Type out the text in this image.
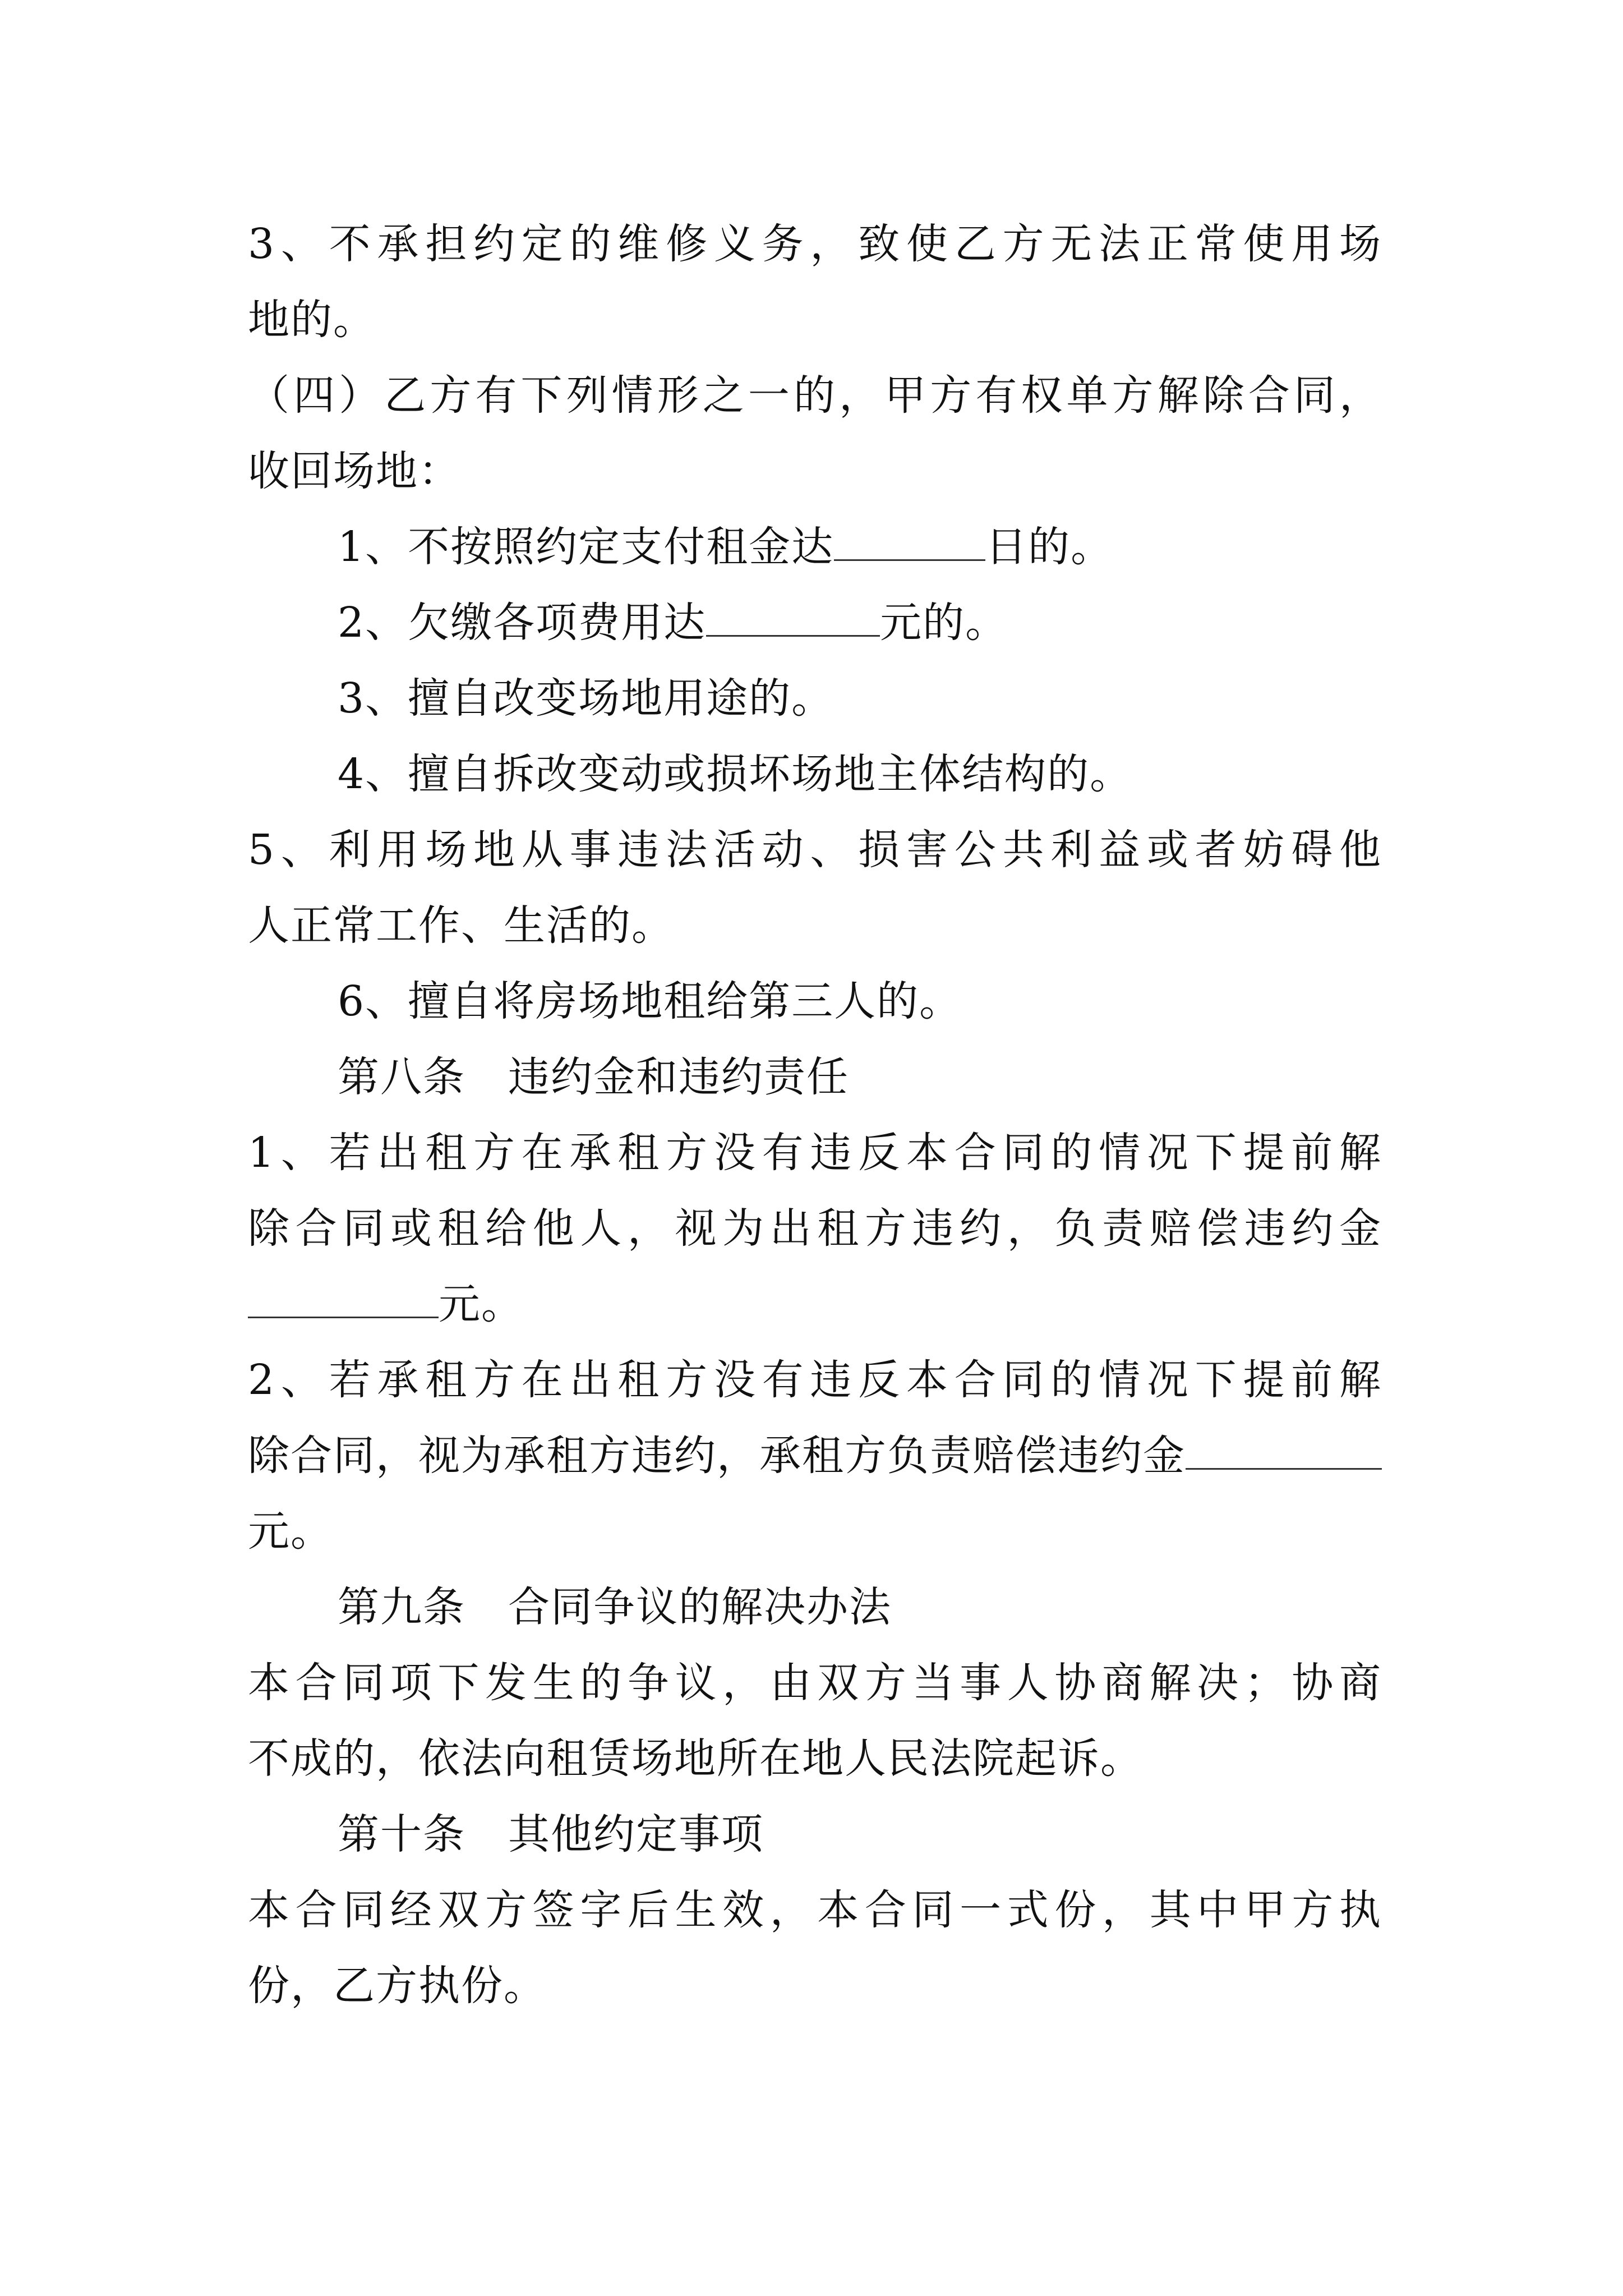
3、不承担约定的维修义务，致使乙方无法正常使用场

地的。

（四）乙方有下列情形之一的，甲方有权单方解除合同，

收回场地：

1、不按照约定支付租金达	日的。

2、欠缴各项费用达	元的。

3、擅自改变场地用途的。

4、擅自拆改变动或损坏场地主体结构的。

5、利用场地从事违法活动、损害公共利益或者妨碍他

人正常工作、生活的。

6、擅自将房场地租给第三人的。

第八条　违约金和违约责任

1、若出租方在承租方没有违反本合同的情况下提前解

除合同或租给他人，视为出租方违约，负责赔偿违约金

元。

2、若承租方在出租方没有违反本合同的情况下提前解

除合同，视为承租方违约，承租方负责赔偿违约金

元。

第九条　合同争议的解决办法

本合同项下发生的争议，由双方当事人协商解决；协商

不成的，依法向租赁场地所在地人民法院起诉。

第十条　其他约定事项

本合同经双方签字后生效，本合同一式份，其中甲方执

份，乙方执份。
